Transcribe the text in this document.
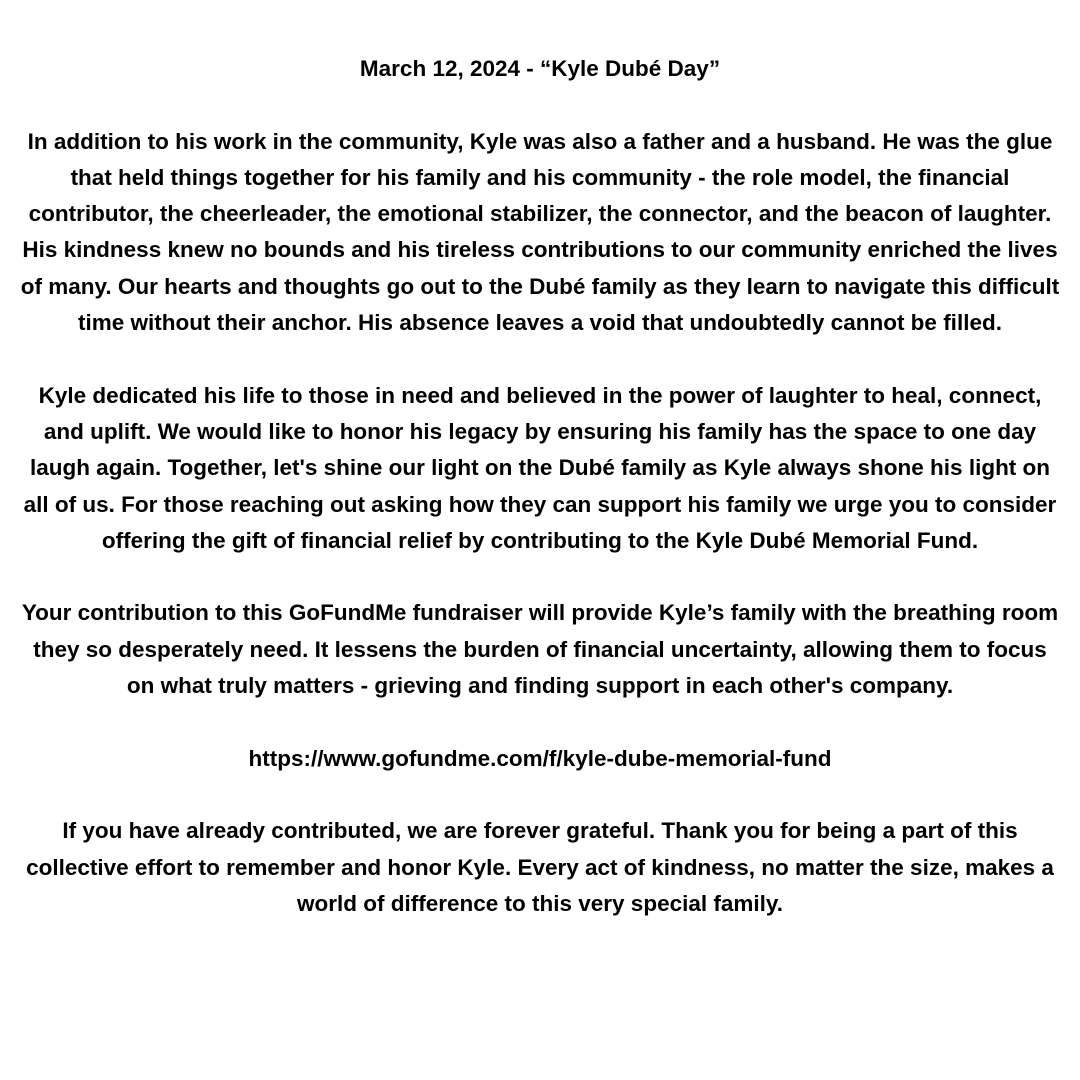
March 12, 2024 - “Kyle Dubé Day”

In addition to his work in the community, Kyle was also a father and a husband. He was the glue that held things together for his family and his community - the role model, the financial contributor, the cheerleader, the emotional stabilizer, the connector, and the beacon of laughter. His kindness knew no bounds and his tireless contributions to our community enriched the lives of many. Our hearts and thoughts go out to the Dubé family as they learn to navigate this difficult time without their anchor. His absence leaves a void that undoubtedly cannot be filled.

Kyle dedicated his life to those in need and believed in the power of laughter to heal, connect, and uplift. We would like to honor his legacy by ensuring his family has the space to one day laugh again. Together, let's shine our light on the Dubé family as Kyle always shone his light on all of us. For those reaching out asking how they can support his family we urge you to consider offering the gift of financial relief by contributing to the Kyle Dubé Memorial Fund.

Your contribution to this GoFundMe fundraiser will provide Kyle’s family with the breathing room they so desperately need. It lessens the burden of financial uncertainty, allowing them to focus on what truly matters - grieving and finding support in each other's company.

https://www.gofundme.com/f/kyle-dube-memorial-fund

If you have already contributed, we are forever grateful. Thank you for being a part of this collective effort to remember and honor Kyle. Every act of kindness, no matter the size, makes a world of difference to this very special family.
